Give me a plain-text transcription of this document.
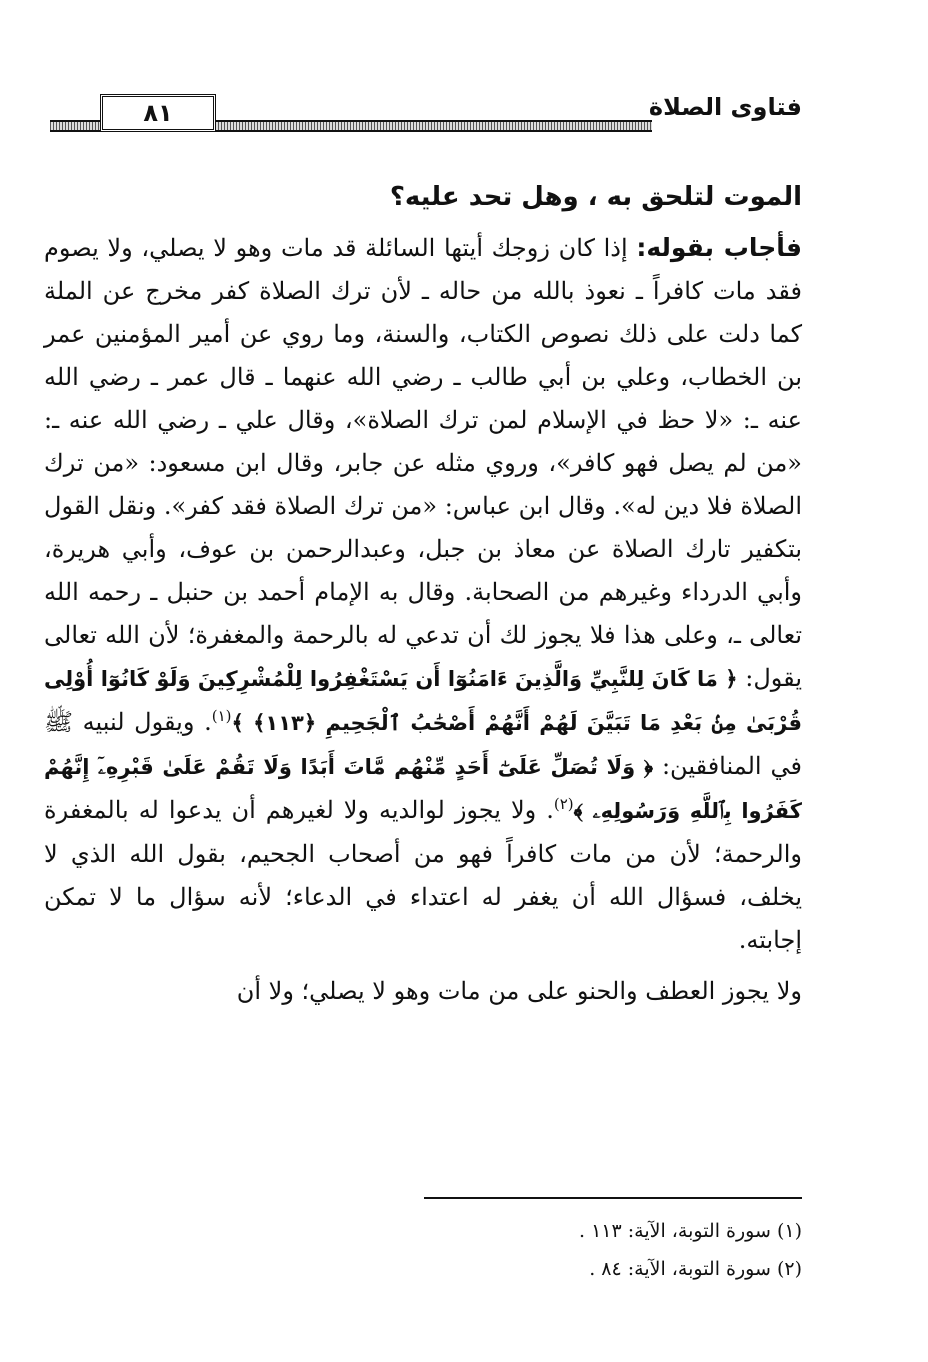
فتاوى الصلاة
٨١
الموت لتلحق به ، وهل تحد عليه؟

فأجاب بقوله: إذا كان زوجك أيتها السائلة قد مات وهو لا يصلي، ولا يصوم فقد مات كافراً ـ نعوذ بالله من حاله ـ لأن ترك الصلاة كفر مخرج عن الملة كما دلت على ذلك نصوص الكتاب، والسنة، وما روي عن أمير المؤمنين عمر بن الخطاب، وعلي بن أبي طالب ـ رضي الله عنهما ـ قال عمر ـ رضي الله عنه ـ: «لا حظ في الإسلام لمن ترك الصلاة»، وقال علي ـ رضي الله عنه ـ: «من لم يصل فهو كافر»، وروي مثله عن جابر، وقال ابن مسعود: «من ترك الصلاة فلا دين له». وقال ابن عباس: «من ترك الصلاة فقد كفر». ونقل القول بتكفير تارك الصلاة عن معاذ بن جبل، وعبدالرحمن بن عوف، وأبي هريرة، وأبي الدرداء وغيرهم من الصحابة. وقال به الإمام أحمد بن حنبل ـ رحمه الله تعالى ـ، وعلى هذا فلا يجوز لك أن تدعي له بالرحمة والمغفرة؛ لأن الله تعالى يقول: ﴿ مَا كَانَ لِلنَّبِيِّ وَالَّذِينَ ءَامَنُوٓا أَن يَسْتَغْفِرُوا لِلْمُشْرِكِينَ وَلَوْ كَانُوٓا أُوْلِى قُرْبَىٰ مِنۢ بَعْدِ مَا تَبَيَّنَ لَهُمْ أَنَّهُمْ أَصْحَٰبُ ٱلْجَحِيمِ ﴿١١٣﴾ ﴾$^{(١)}$. ويقول لنبيه ﷺ في المنافقين: ﴿ وَلَا تُصَلِّ عَلَىٰٓ أَحَدٍ مِّنْهُم مَّاتَ أَبَدًا وَلَا تَقُمْ عَلَىٰ قَبْرِهِۦٓ إِنَّهُمْ كَفَرُوا بِٱللَّهِ وَرَسُولِهِۦ ﴾$^{(٢)}$. ولا يجوز لوالديه ولا لغيرهم أن يدعوا له بالمغفرة والرحمة؛ لأن من مات كافراً فهو من أصحاب الجحيم، بقول الله الذي لا يخلف، فسؤال الله أن يغفر له اعتداء في الدعاء؛ لأنه سؤال ما لا تمكن إجابته.

ولا يجوز العطف والحنو على من مات وهو لا يصلي؛ ولا أن

(١) سورة التوبة، الآية: ١١٣ .

(٢) سورة التوبة، الآية: ٨٤ .
